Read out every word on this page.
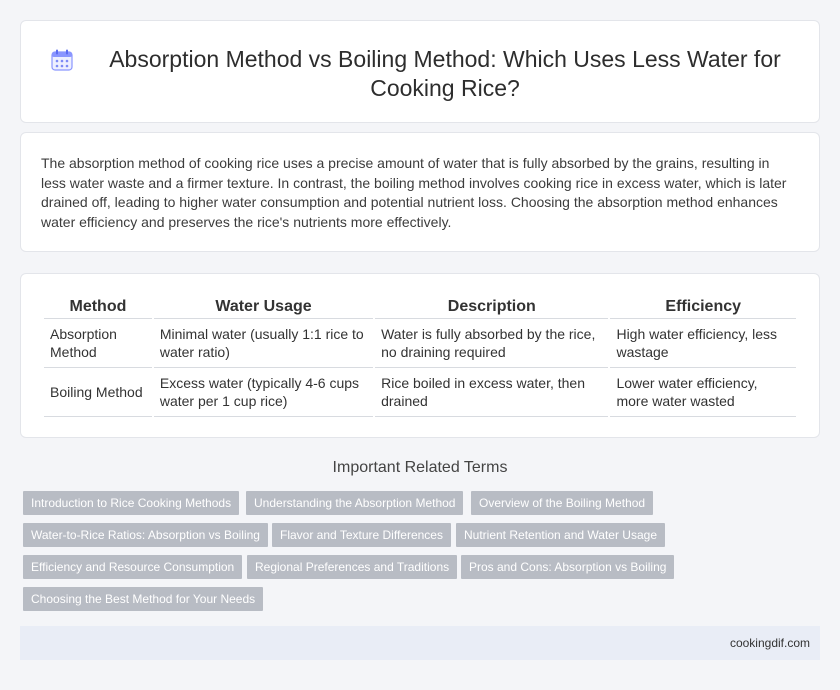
Absorption Method vs Boiling Method: Which Uses Less Water for Cooking Rice?

The absorption method of cooking rice uses a precise amount of water that is fully absorbed by the grains, resulting in less water waste and a firmer texture. In contrast, the boiling method involves cooking rice in excess water, which is later drained off, leading to higher water consumption and potential nutrient loss. Choosing the absorption method enhances water efficiency and preserves the rice's nutrients more effectively.

Method	Water Usage	Description	Efficiency
Absorption Method	Minimal water (usually 1:1 rice to water ratio)	Water is fully absorbed by the rice, no draining required	High water efficiency, less wastage
Boiling Method	Excess water (typically 4-6 cups water per 1 cup rice)	Rice boiled in excess water, then drained	Lower water efficiency, more water wasted
Important Related Terms
Introduction to Rice Cooking Methods	Understanding the Absorption Method	Overview of the Boiling Method
Water-to-Rice Ratios: Absorption vs Boiling	Flavor and Texture Differences	Nutrient Retention and Water Usage
Efficiency and Resource Consumption	Regional Preferences and Traditions	Pros and Cons: Absorption vs Boiling
Choosing the Best Method for Your Needs
cookingdif.com
